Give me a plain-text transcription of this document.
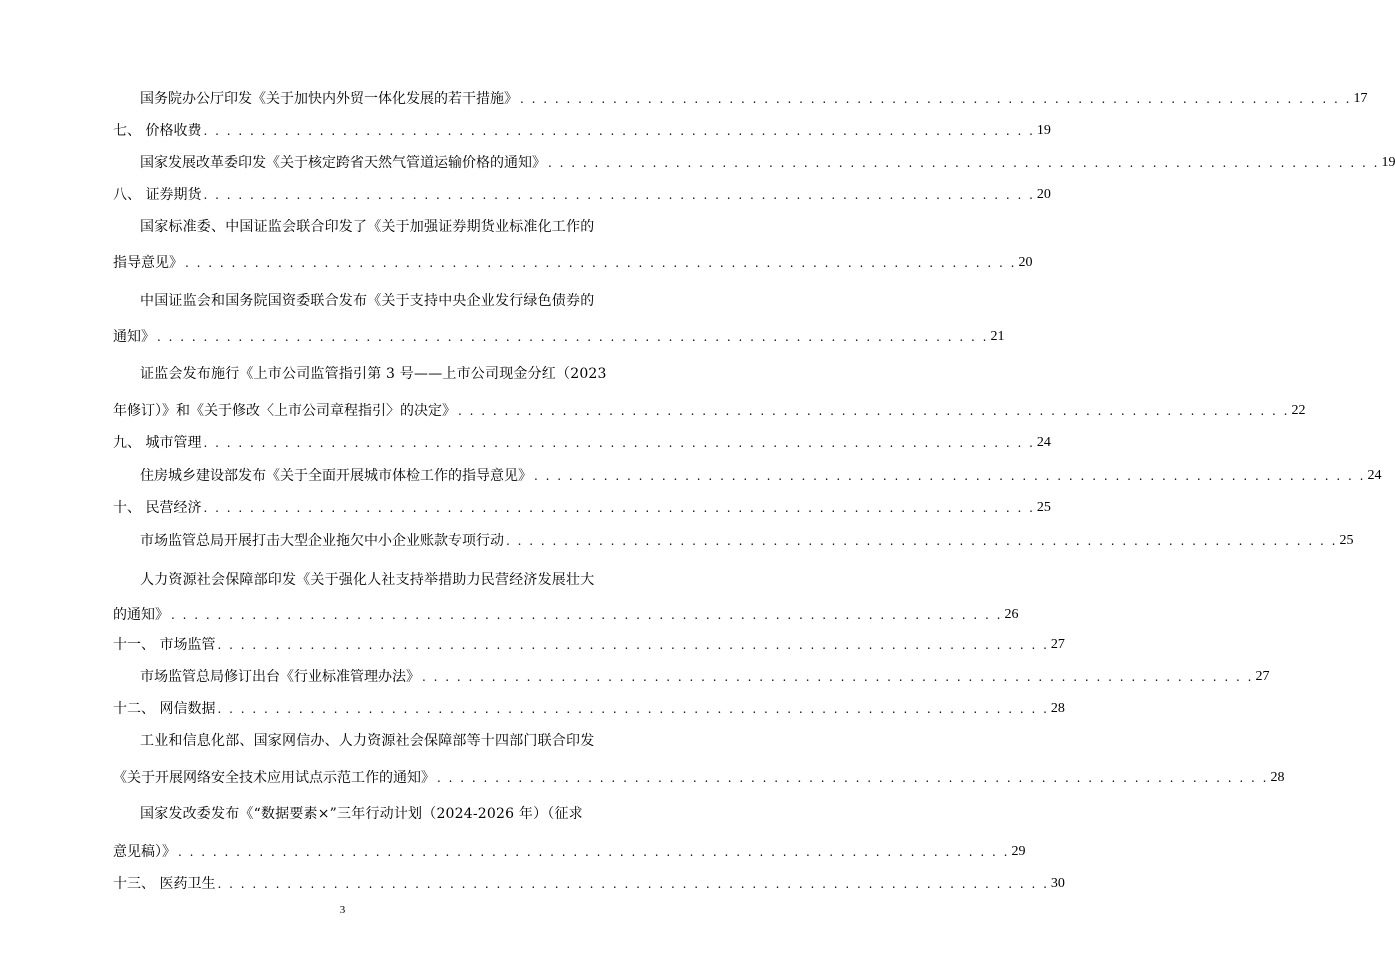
国务院办公厅印发《关于加快内外贸一体化发展的若干措施》 . . . . . . . . . . . . . . . . . . . . . . . . . . . . . . . . . . . . . . . . . . . . . . . . . . . . . . . . . . . . . . . . . . . . . . . . 17
七、 价格收费 . . . . . . . . . . . . . . . . . . . . . . . . . . . . . . . . . . . . . . . . . . . . . . . . . . . . . . . . . . . . . . . . . . . . . . . . 19
国家发展改革委印发《关于核定跨省天然气管道运输价格的通知》 . . . . . . . . . . . . . . . . . . . . . . . . . . . . . . . . . . . . . . . . . . . . . . . . . . . . . . . . . . . . . . . . . . . . . . . . 19
八、 证券期货 . . . . . . . . . . . . . . . . . . . . . . . . . . . . . . . . . . . . . . . . . . . . . . . . . . . . . . . . . . . . . . . . . . . . . . . . 20
国家标准委、中国证监会联合印发了《关于加强证券期货业标准化工作的
指导意见》 . . . . . . . . . . . . . . . . . . . . . . . . . . . . . . . . . . . . . . . . . . . . . . . . . . . . . . . . . . . . . . . . . . . . . . . . 20
中国证监会和国务院国资委联合发布《关于支持中央企业发行绿色债券的
通知》 . . . . . . . . . . . . . . . . . . . . . . . . . . . . . . . . . . . . . . . . . . . . . . . . . . . . . . . . . . . . . . . . . . . . . . . . 21
证监会发布施行《上市公司监管指引第 3 号——上市公司现金分红（2023
年修订）》和《关于修改〈上市公司章程指引〉的决定》 . . . . . . . . . . . . . . . . . . . . . . . . . . . . . . . . . . . . . . . . . . . . . . . . . . . . . . . . . . . . . . . . . . . . . . . . 22
九、 城市管理 . . . . . . . . . . . . . . . . . . . . . . . . . . . . . . . . . . . . . . . . . . . . . . . . . . . . . . . . . . . . . . . . . . . . . . . . 24
住房城乡建设部发布《关于全面开展城市体检工作的指导意见》 . . . . . . . . . . . . . . . . . . . . . . . . . . . . . . . . . . . . . . . . . . . . . . . . . . . . . . . . . . . . . . . . . . . . . . . . 24
十、 民营经济 . . . . . . . . . . . . . . . . . . . . . . . . . . . . . . . . . . . . . . . . . . . . . . . . . . . . . . . . . . . . . . . . . . . . . . . . 25
市场监管总局开展打击大型企业拖欠中小企业账款专项行动 . . . . . . . . . . . . . . . . . . . . . . . . . . . . . . . . . . . . . . . . . . . . . . . . . . . . . . . . . . . . . . . . . . . . . . . . 25
人力资源社会保障部印发《关于强化人社支持举措助力民营经济发展壮大
的通知》 . . . . . . . . . . . . . . . . . . . . . . . . . . . . . . . . . . . . . . . . . . . . . . . . . . . . . . . . . . . . . . . . . . . . . . . . 26
十一、 市场监管 . . . . . . . . . . . . . . . . . . . . . . . . . . . . . . . . . . . . . . . . . . . . . . . . . . . . . . . . . . . . . . . . . . . . . . . . 27
市场监管总局修订出台《行业标准管理办法》 . . . . . . . . . . . . . . . . . . . . . . . . . . . . . . . . . . . . . . . . . . . . . . . . . . . . . . . . . . . . . . . . . . . . . . . . 27
十二、 网信数据 . . . . . . . . . . . . . . . . . . . . . . . . . . . . . . . . . . . . . . . . . . . . . . . . . . . . . . . . . . . . . . . . . . . . . . . . 28
工业和信息化部、国家网信办、人力资源社会保障部等十四部门联合印发
《关于开展网络安全技术应用试点示范工作的通知》 . . . . . . . . . . . . . . . . . . . . . . . . . . . . . . . . . . . . . . . . . . . . . . . . . . . . . . . . . . . . . . . . . . . . . . . . 28
国家发改委发布《“数据要素×”三年行动计划（2024-2026 年）（征求
意见稿）》 . . . . . . . . . . . . . . . . . . . . . . . . . . . . . . . . . . . . . . . . . . . . . . . . . . . . . . . . . . . . . . . . . . . . . . . . 29
十三、 医药卫生 . . . . . . . . . . . . . . . . . . . . . . . . . . . . . . . . . . . . . . . . . . . . . . . . . . . . . . . . . . . . . . . . . . . . . . . . 30
3
